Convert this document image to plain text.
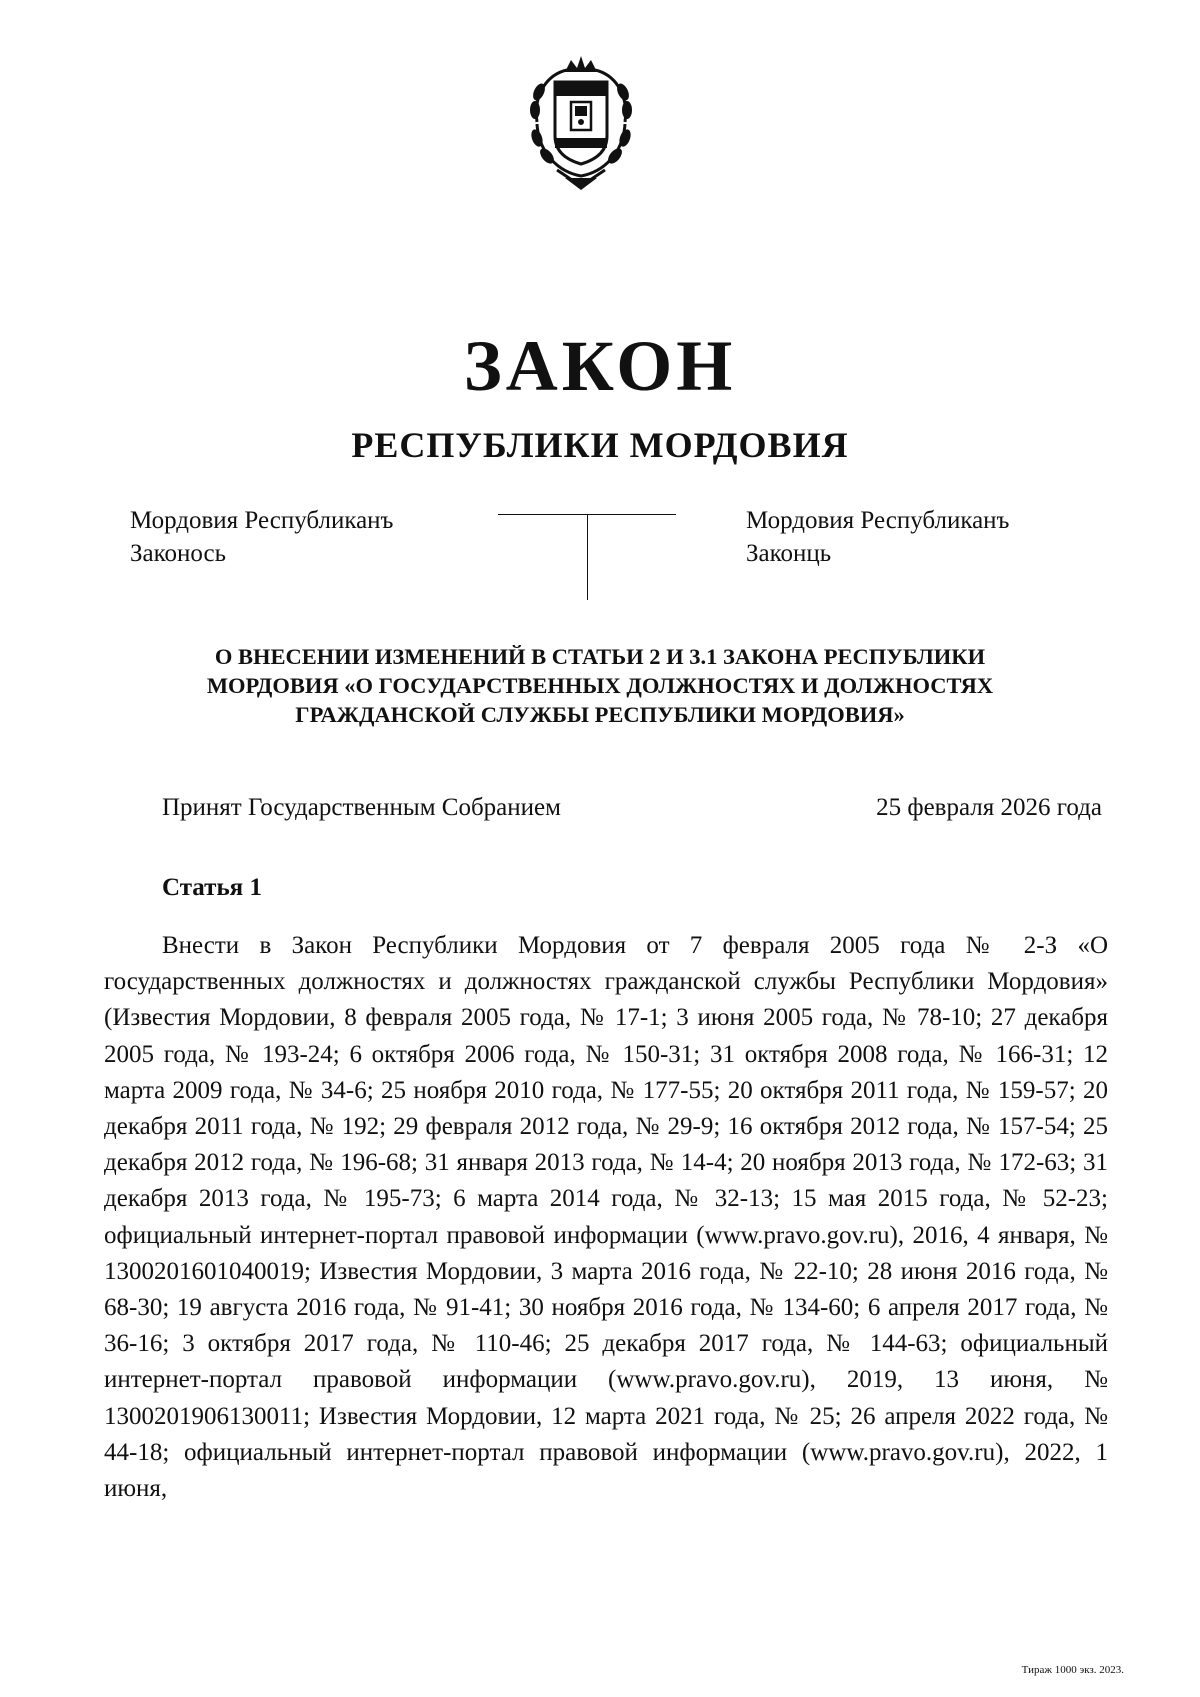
ЗАКОН
РЕСПУБЛИКИ МОРДОВИЯ
Мордовия Республиканъ
Законось
Мордовия Республиканъ
Законць
О ВНЕСЕНИИ ИЗМЕНЕНИЙ В СТАТЬИ 2 И 3.1 ЗАКОНА РЕСПУБЛИКИ
МОРДОВИЯ «О ГОСУДАРСТВЕННЫХ ДОЛЖНОСТЯХ И ДОЛЖНОСТЯХ
ГРАЖДАНСКОЙ СЛУЖБЫ РЕСПУБЛИКИ МОРДОВИЯ»
Принят Государственным Собранием	25 февраля 2026 года
Статья 1

Внести в Закон Республики Мордовия от 7 февраля 2005 года № 2-З «О государственных должностях и должностях гражданской службы Республики Мордовия» (Известия Мордовии, 8 февраля 2005 года, № 17-1; 3 июня 2005 года, № 78-10; 27 декабря 2005 года, № 193-24; 6 октября 2006 года, № 150-31; 31 октября 2008 года, № 166-31; 12 марта 2009 года, № 34-6; 25 ноября 2010 года, № 177-55; 20 октября 2011 года, № 159-57; 20 декабря 2011 года, № 192; 29 февраля 2012 года, № 29-9; 16 октября 2012 года, № 157-54; 25 декабря 2012 года, № 196-68; 31 января 2013 года, № 14-4; 20 ноября 2013 года, № 172-63; 31 декабря 2013 года, № 195-73; 6 марта 2014 года, № 32-13; 15 мая 2015 года, № 52-23; официальный интернет-портал правовой информации (www.pravo.gov.ru), 2016, 4 января, № 1300201601040019; Известия Мордовии, 3 марта 2016 года, № 22-10; 28 июня 2016 года, № 68-30; 19 августа 2016 года, № 91-41; 30 ноября 2016 года, № 134-60; 6 апреля 2017 года, № 36-16; 3 октября 2017 года, № 110-46; 25 декабря 2017 года, № 144-63; официальный интернет-портал правовой информации (www.pravo.gov.ru), 2019, 13 июня, № 1300201906130011; Известия Мордовии, 12 марта 2021 года, № 25; 26 апреля 2022 года, № 44-18; официальный интернет-портал правовой информации (www.pravo.gov.ru), 2022, 1 июня,

Тираж 1000 экз. 2023.
